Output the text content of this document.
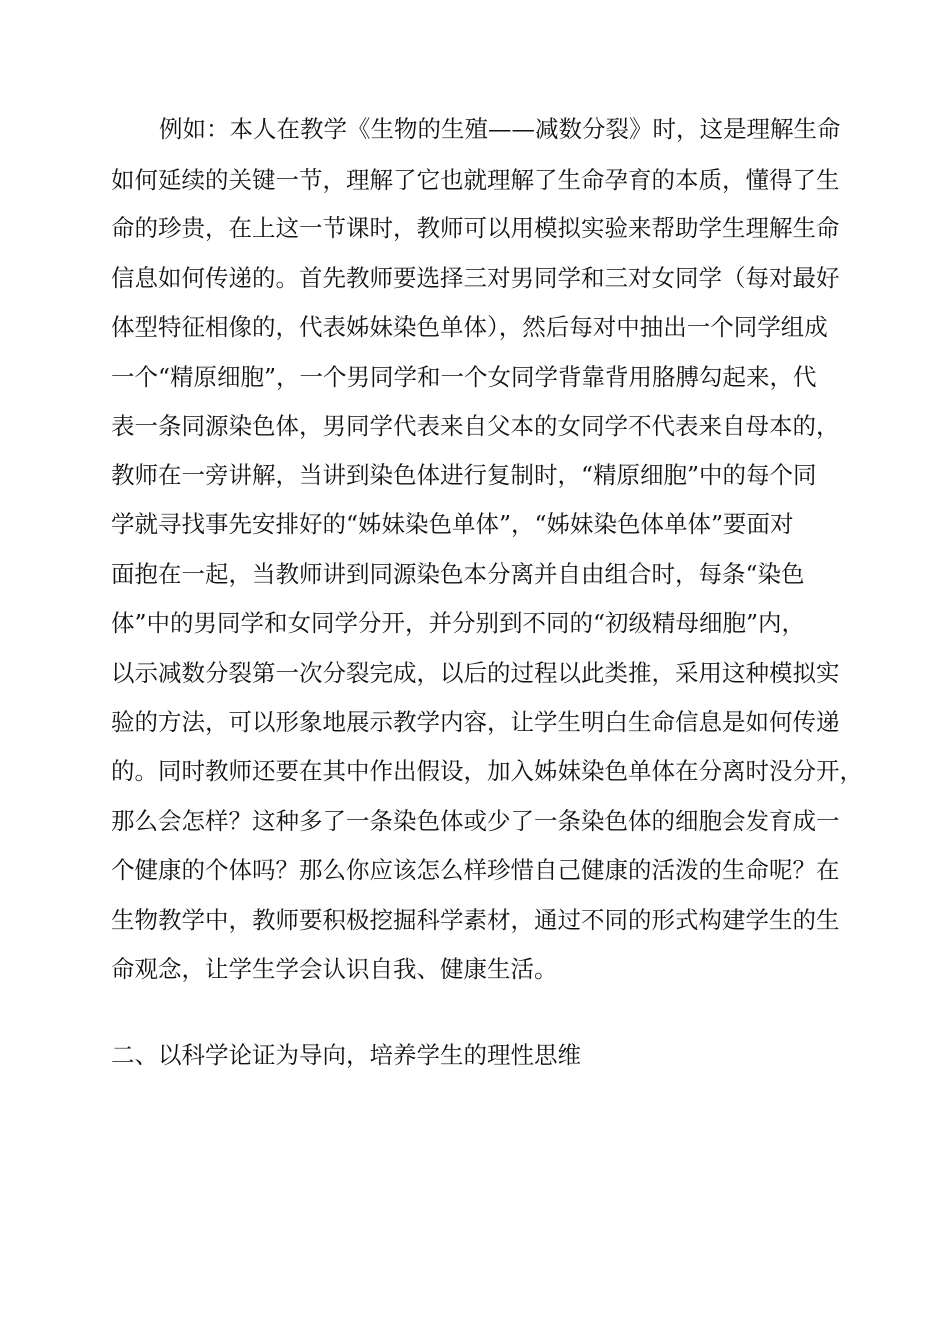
例如：本人在教学《生物的生殖——减数分裂》时，这是理解生命
如何延续的关键一节，理解了它也就理解了生命孕育的本质，懂得了生
命的珍贵，在上这一节课时，教师可以用模拟实验来帮助学生理解生命
信息如何传递的。首先教师要选择三对男同学和三对女同学（每对最好
体型特征相像的，代表姊妹染色单体），然后每对中抽出一个同学组成
一个“精原细胞”，一个男同学和一个女同学背靠背用胳膊勾起来，代
表一条同源染色体，男同学代表来自父本的女同学不代表来自母本的，
教师在一旁讲解，当讲到染色体进行复制时，“精原细胞”中的每个同
学就寻找事先安排好的“姊妹染色单体”，“姊妹染色体单体”要面对
面抱在一起，当教师讲到同源染色本分离并自由组合时，每条“染色
体”中的男同学和女同学分开，并分别到不同的“初级精母细胞”内，
以示减数分裂第一次分裂完成，以后的过程以此类推，采用这种模拟实
验的方法，可以形象地展示教学内容，让学生明白生命信息是如何传递
的。同时教师还要在其中作出假设，加入姊妹染色单体在分离时没分开，
那么会怎样？这种多了一条染色体或少了一条染色体的细胞会发育成一
个健康的个体吗？那么你应该怎么样珍惜自己健康的活泼的生命呢？在
生物教学中，教师要积极挖掘科学素材，通过不同的形式构建学生的生
命观念，让学生学会认识自我、健康生活。
二、以科学论证为导向，培养学生的理性思维
